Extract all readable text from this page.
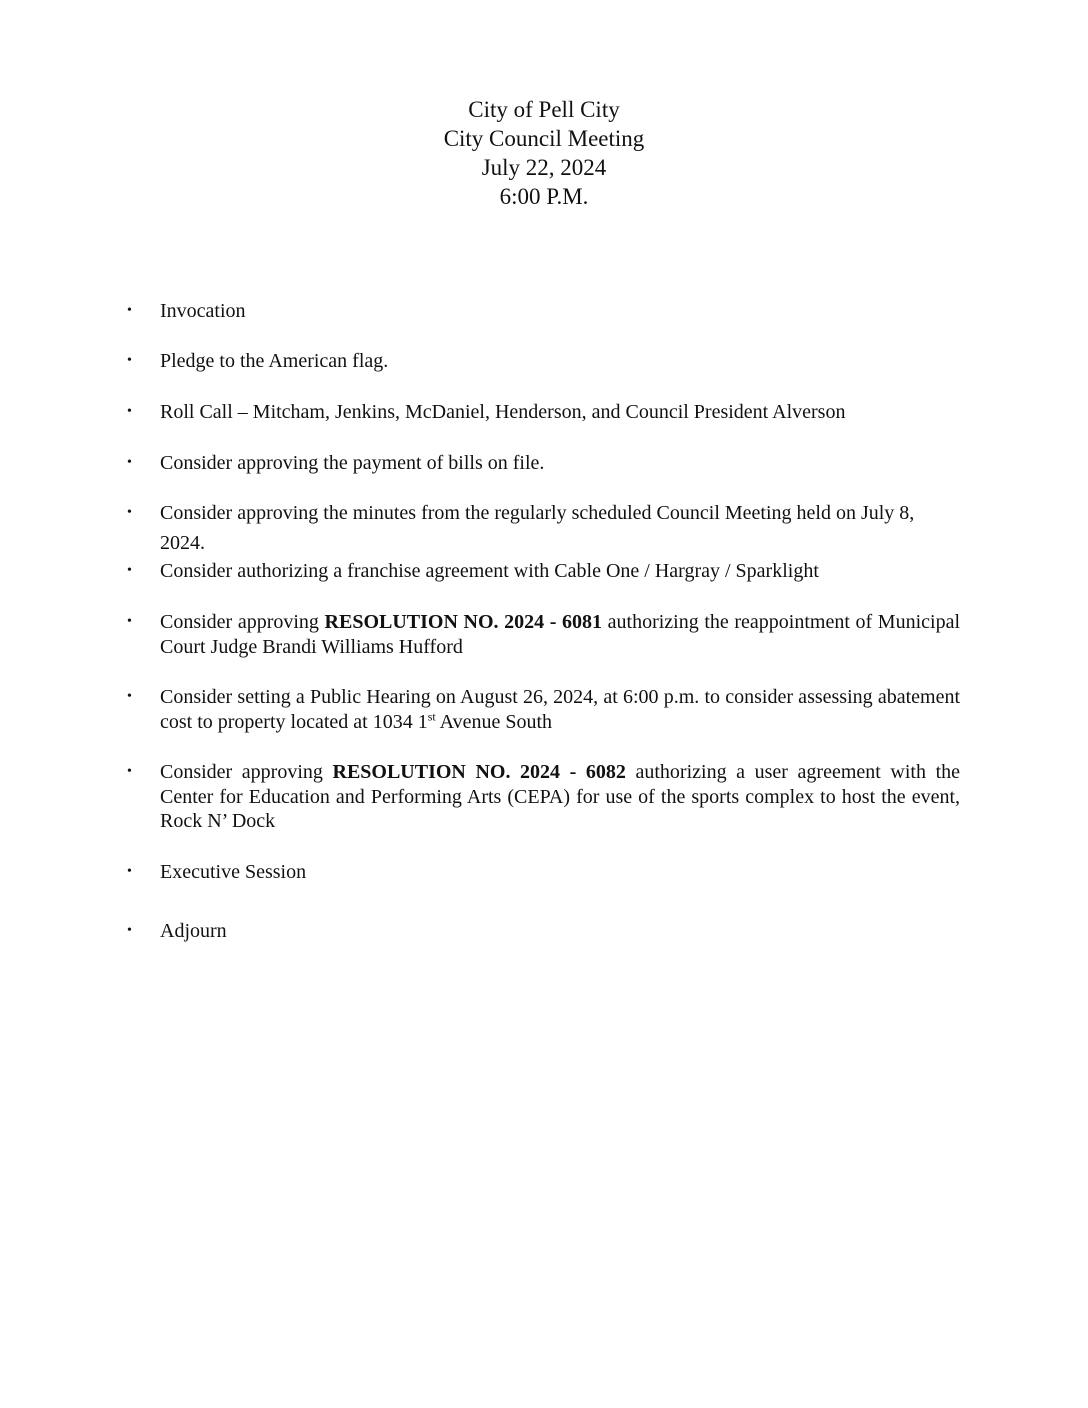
City of Pell City
City Council Meeting
July 22, 2024
6:00 P.M.
• Invocation
• Pledge to the American flag.
• Roll Call – Mitcham, Jenkins, McDaniel, Henderson, and Council President Alverson
• Consider approving the payment of bills on file.
• Consider approving the minutes from the regularly scheduled Council Meeting held on July 8,
2024.
• Consider authorizing a franchise agreement with Cable One / Hargray / Sparklight
• Consider approving RESOLUTION NO. 2024 - 6081 authorizing the reappointment of Municipal Court Judge Brandi Williams Hufford
• Consider setting a Public Hearing on August 26, 2024, at 6:00 p.m. to consider assessing abatement cost to property located at 1034 1st Avenue South
• Consider approving RESOLUTION NO. 2024 - 6082 authorizing a user agreement with the Center for Education and Performing Arts (CEPA) for use of the sports complex to host the event, Rock N’ Dock
• Executive Session
• Adjourn
